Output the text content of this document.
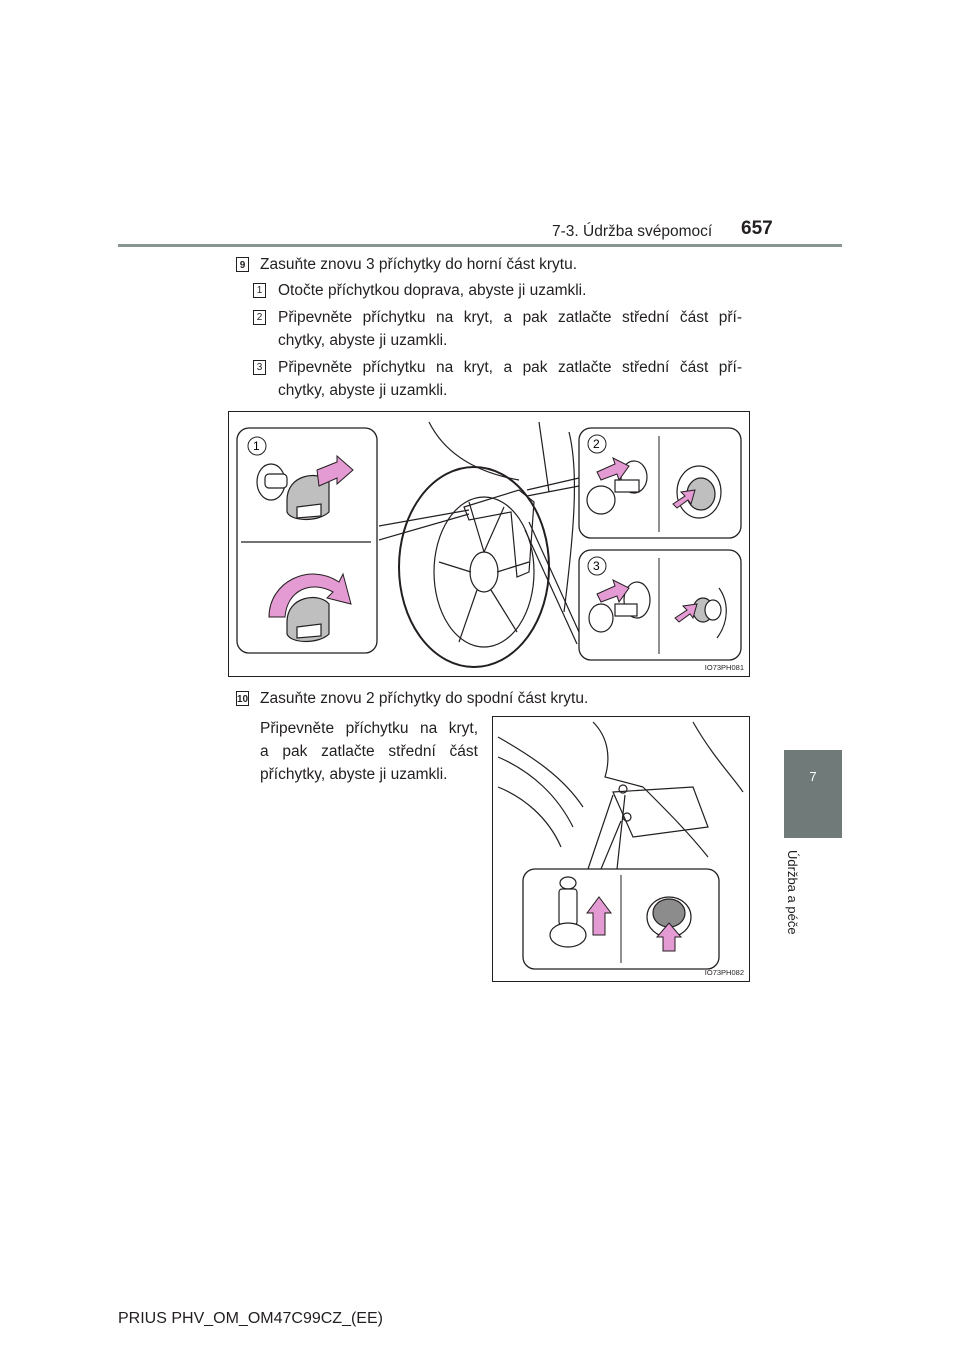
7-3. Údržba svépomocí 657
7
Údržba a péče
9 Zasuňte znovu 3 příchytky do horní část krytu.
1 Otočte příchytkou doprava, abyste ji uzamkli.
2 Připevněte příchytku na kryt, a pak zatlačte střední část pří-
chytky, abyste ji uzamkli.
3 Připevněte příchytku na kryt, a pak zatlačte střední část pří-
chytky, abyste ji uzamkli.
1	2
3
IO73PH081
10 Zasuňte znovu 2 příchytky do spodní část krytu.
Připevněte příchytku na kryt,
a pak zatlačte střední část
příchytky, abyste ji uzamkli.
IO73PH082
PRIUS PHV_OM_OM47C99CZ_(EE)
